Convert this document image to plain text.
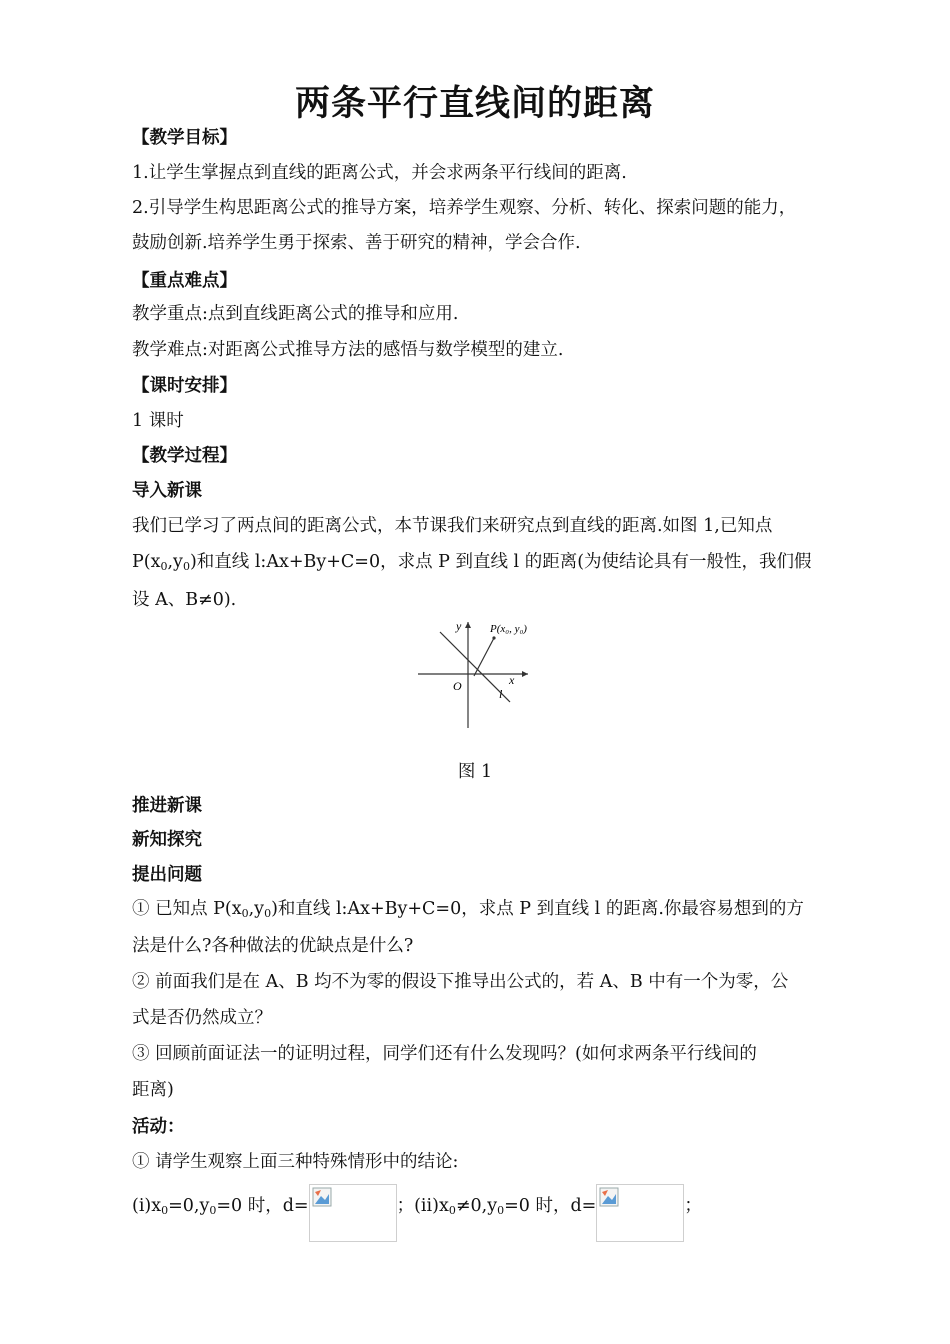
两条平行直线间的距离
【教学目标】
1.让学生掌握点到直线的距离公式，并会求两条平行线间的距离.
2.引导学生构思距离公式的推导方案，培养学生观察、分析、转化、探索问题的能力，
鼓励创新.培养学生勇于探索、善于研究的精神，学会合作.
【重点难点】
教学重点:点到直线距离公式的推导和应用.
教学难点:对距离公式推导方法的感悟与数学模型的建立.
【课时安排】
1 课时
【教学过程】
导入新课
我们已学习了两点间的距离公式，本节课我们来研究点到直线的距离.如图 1,已知点
$P(x_0,y_0)$和直线 l:Ax+By+C=0，求点 P 到直线 l 的距离(为使结论具有一般性，我们假
设 A、B≠0).
y
x
O
l
P(x₀, y₀)
图 1
推进新课
新知探究
提出问题
① 已知点 $P(x_0,y_0)$和直线 l:Ax+By+C=0，求点 P 到直线 l 的距离.你最容易想到的方
法是什么?各种做法的优缺点是什么?
② 前面我们是在 A、B 均不为零的假设下推导出公式的，若 A、B 中有一个为零，公
式是否仍然成立？
③ 回顾前面证法一的证明过程，同学们还有什么发现吗？(如何求两条平行线间的
距离)
活动：
① 请学生观察上面三种特殊情形中的结论:
$(i)x_0=0,y_0=0$ 时，d=	；$(ii)x_0\ne 0,y_0=0$ 时，d=	；
